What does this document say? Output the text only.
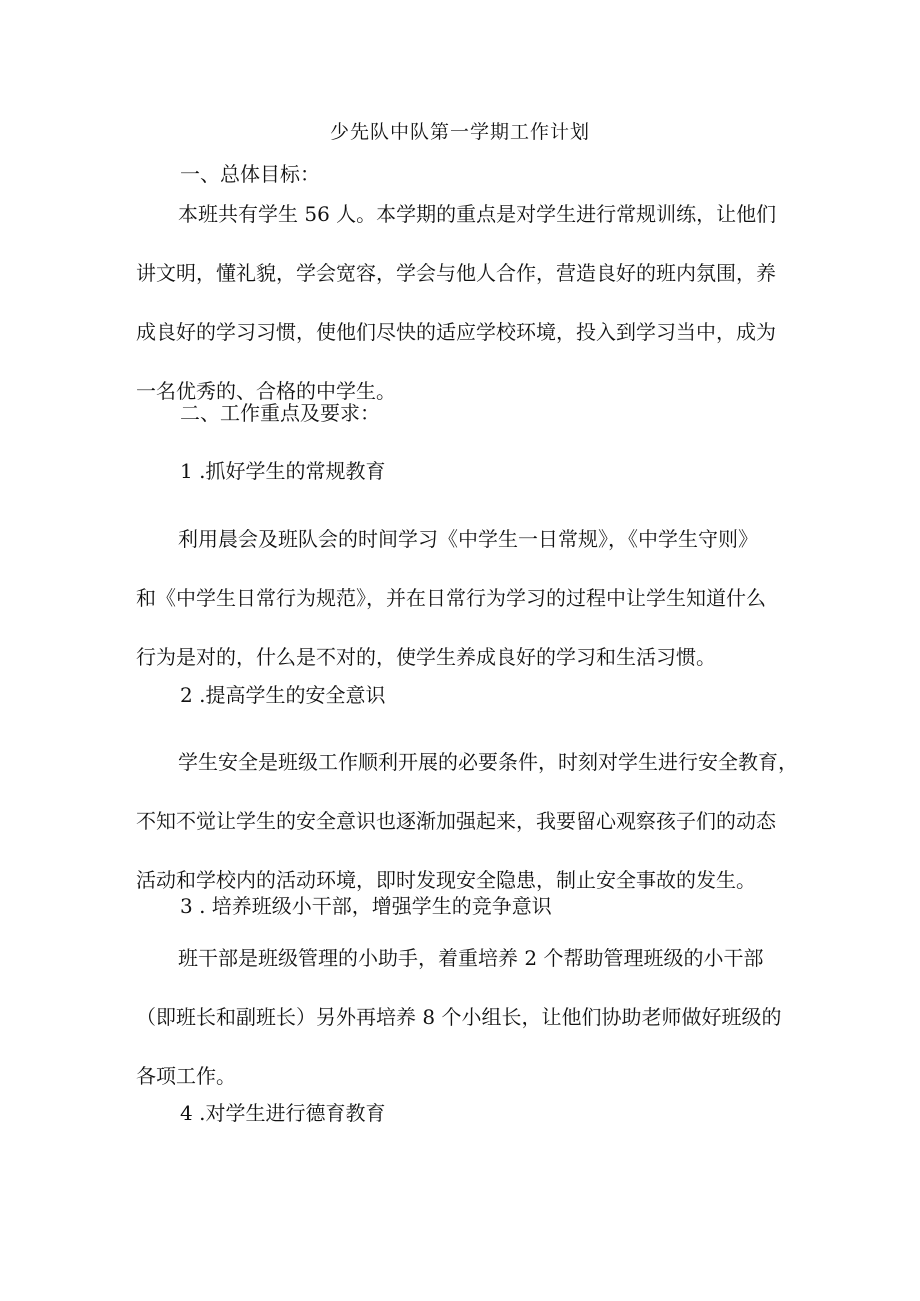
少先队中队第一学期工作计划
一、总体目标：
本班共有学生 56 人。本学期的重点是对学生进行常规训练，让他们
讲文明，懂礼貌，学会宽容，学会与他人合作，营造良好的班内氛围，养
成良好的学习习惯，使他们尽快的适应学校环境，投入到学习当中，成为
一名优秀的、合格的中学生。
二、工作重点及要求：
1 .抓好学生的常规教育
利用晨会及班队会的时间学习《中学生一日常规》，《中学生守则》
和《中学生日常行为规范》，并在日常行为学习的过程中让学生知道什么
行为是对的，什么是不对的，使学生养成良好的学习和生活习惯。
2 .提高学生的安全意识
学生安全是班级工作顺利开展的必要条件，时刻对学生进行安全教育，
不知不觉让学生的安全意识也逐渐加强起来，我要留心观察孩子们的动态
活动和学校内的活动环境，即时发现安全隐患，制止安全事故的发生。
3 . 培养班级小干部，增强学生的竞争意识
班干部是班级管理的小助手，着重培养 2 个帮助管理班级的小干部
（即班长和副班长）另外再培养 8 个小组长，让他们协助老师做好班级的
各项工作。
4 .对学生进行德育教育
